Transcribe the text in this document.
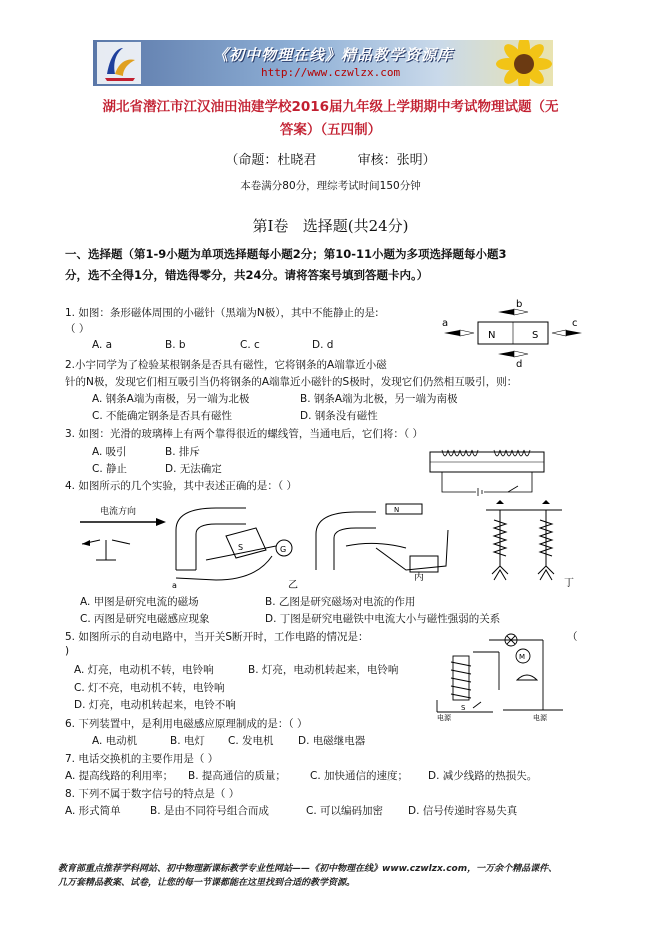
《初中物理在线》精品教学资源库
http://www.czwlzx.com
湖北省潜江市江汉油田油建学校2016届九年级上学期期中考试物理试题（无
答案）（五四制）
（命题：杜晓君          审核：张明）
本卷满分80分，理综考试时间150分钟
第Ⅰ卷   选择题(共24分)
一、选择题（第1-9小题为单项选择题每小题2分；第10-11小题为多项选择题每小题3
分，选不全得1分，错选得零分，共24分。请将答案号填到答题卡内。）
1. 如图：条形磁体周围的小磁针（黑端为N极），其中不能静止的是:
（ ）
A. a	B. b	C. c	D. d
N	S
a
b
c
d
2.小宇同学为了检验某根钢条是否具有磁性，它将钢条的A端靠近小磁
针的N极，发现它们相互吸引当仍将钢条的A端靠近小磁针的S极时，发现它们仍然相互吸引，则：
A. 钢条A端为南极，另一端为北极	B. 钢条A端为北极，另一端为南极
C. 不能确定钢条是否具有磁性	D. 钢条没有磁性
3. 如图：光滑的玻璃棒上有两个靠得很近的螺线管，当通电后，它们将：（ ）
A. 吸引	B. 排斥
C. 静止	D. 无法确定
4. 如图所示的几个实验，其中表述正确的是：（ ）
电流方向
S	G
a	乙
N
丙
丁
A. 甲图是研究电流的磁场	B. 乙图是研究磁场对电流的作用
C. 丙图是研究电磁感应现象	D. 丁图是研究电磁铁中电流大小与磁性强弱的关系
5. 如图所示的自动电路中，当开关S断开时，工作电路的情况是：	（
)
A. 灯亮，电动机不转，电铃响	B. 灯亮，电动机转起来，电铃响
C. 灯不亮，电动机不转，电铃响
D. 灯亮，电动机转起来，电铃不响
M
S
电源	电源
6. 下列装置中，是利用电磁感应原理制成的是：（ ）
A. 电动机	B. 电灯 C. 发电机 D. 电磁继电器
7. 电话交换机的主要作用是（ ）
A. 提高线路的利用率； B. 提高通信的质量； C. 加快通信的速度； D. 减少线路的热损失。
8. 下列不属于数字信号的特点是（ ）
A. 形式简单	B. 是由不同符号组合而成	C. 可以编码加密 D. 信号传递时容易失真
教育部重点推荐学科网站、初中物理新课标教学专业性网站——《初中物理在线》www.czwlzx.com，一万余个精品课件、
几万套精品教案、试卷，让您的每一节课都能在这里找到合适的教学资源。
